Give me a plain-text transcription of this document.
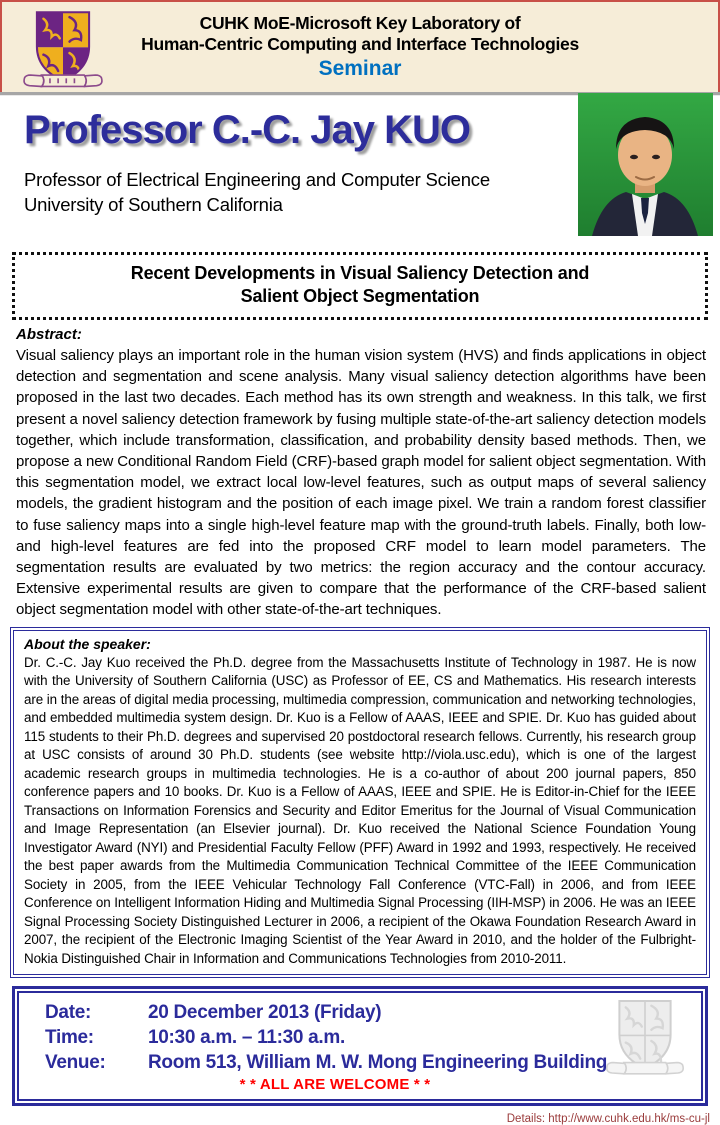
CUHK MoE-Microsoft Key Laboratory of
Human-Centric Computing and Interface Technologies
Seminar
Professor C.-C. Jay KUO
Professor of Electrical Engineering and Computer Science
University of Southern California
Recent Developments in Visual Saliency Detection and
Salient Object Segmentation
Abstract:

Visual saliency plays an important role in the human vision system (HVS) and finds applications in object detection and segmentation and scene analysis. Many visual saliency detection algorithms have been proposed in the last two decades. Each method has its own strength and weakness. In this talk, we first present a novel saliency detection framework by fusing multiple state-of-the-art saliency detection models together, which include transformation, classification, and probability density based methods. Then, we propose a new Conditional Random Field (CRF)-based graph model for salient object segmentation. With this segmentation model, we extract local low-level features, such as output maps of several saliency models, the gradient histogram and the position of each image pixel. We train a random forest classifier to fuse saliency maps into a single high-level feature map with the ground-truth labels. Finally, both low- and high-level features are fed into the proposed CRF model to learn model parameters. The segmentation results are evaluated by two metrics: the region accuracy and the contour accuracy. Extensive experimental results are given to compare that the performance of the CRF-based salient object segmentation model with other state-of-the-art techniques.

About the speaker:

Dr. C.-C. Jay Kuo received the Ph.D. degree from the Massachusetts Institute of Technology in 1987. He is now with the University of Southern California (USC) as Professor of EE, CS and Mathematics. His research interests are in the areas of digital media processing, multimedia compression, communication and networking technologies, and embedded multimedia system design. Dr. Kuo is a Fellow of AAAS, IEEE and SPIE. Dr. Kuo has guided about 115 students to their Ph.D. degrees and supervised 20 postdoctoral research fellows. Currently, his research group at USC consists of around 30 Ph.D. students (see website http://viola.usc.edu), which is one of the largest academic research groups in multimedia technologies. He is a co-author of about 200 journal papers, 850 conference papers and 10 books. Dr. Kuo is a Fellow of AAAS, IEEE and SPIE. He is Editor-in-Chief for the IEEE Transactions on Information Forensics and Security and Editor Emeritus for the Journal of Visual Communication and Image Representation (an Elsevier journal). Dr. Kuo received the National Science Foundation Young Investigator Award (NYI) and Presidential Faculty Fellow (PFF) Award in 1992 and 1993, respectively. He received the best paper awards from the Multimedia Communication Technical Committee of the IEEE Communication Society in 2005, from the IEEE Vehicular Technology Fall Conference (VTC-Fall) in 2006, and from IEEE Conference on Intelligent Information Hiding and Multimedia Signal Processing (IIH-MSP) in 2006. He was an IEEE Signal Processing Society Distinguished Lecturer in 2006, a recipient of the Okawa Foundation Research Award in 2007, the recipient of the Electronic Imaging Scientist of the Year Award in 2010, and the holder of the Fulbright-Nokia Distinguished Chair in Information and Communications Technologies from 2010-2011.

Date:	20 December 2013 (Friday)
Time:	10:30 a.m. – 11:30 a.m.
Venue:	Room 513, William M. W. Mong Engineering Building
* * ALL ARE WELCOME * *
Details: http://www.cuhk.edu.hk/ms-cu-jl
